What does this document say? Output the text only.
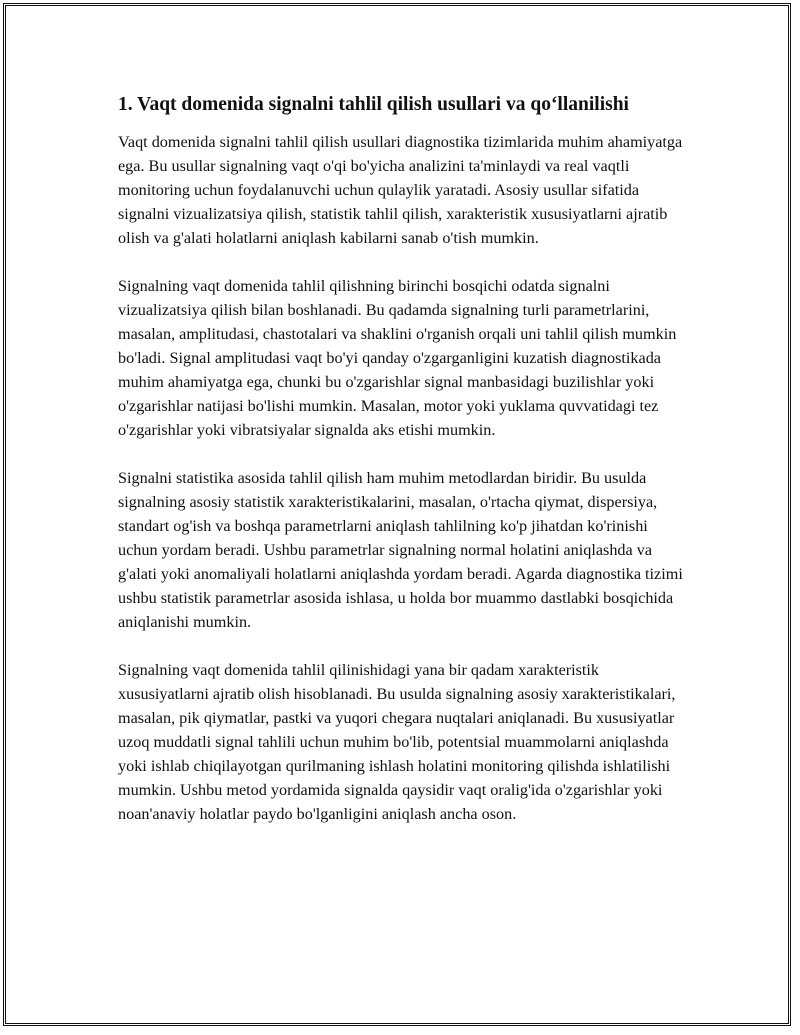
1. Vaqt domenida signalni tahlil qilish usullari va qo‘llanilishi

Vaqt domenida signalni tahlil qilish usullari diagnostika tizimlarida muhim ahamiyatga ega. Bu usullar signalning vaqt o'qi bo'yicha analizini ta'minlaydi va real vaqtli monitoring uchun foydalanuvchi uchun qulaylik yaratadi. Asosiy usullar sifatida signalni vizualizatsiya qilish, statistik tahlil qilish, xarakteristik xususiyatlarni ajratib olish va g'alati holatlarni aniqlash kabilarni sanab o'tish mumkin.

Signalning vaqt domenida tahlil qilishning birinchi bosqichi odatda signalni vizualizatsiya qilish bilan boshlanadi. Bu qadamda signalning turli parametrlarini, masalan, amplitudasi, chastotalari va shaklini o'rganish orqali uni tahlil qilish mumkin bo'ladi. Signal amplitudasi vaqt bo'yi qanday o'zgarganligini kuzatish diagnostikada muhim ahamiyatga ega, chunki bu o'zgarishlar signal manbasidagi buzilishlar yoki o'zgarishlar natijasi bo'lishi mumkin. Masalan, motor yoki yuklama quvvatidagi tez o'zgarishlar yoki vibratsiyalar signalda aks etishi mumkin.

Signalni statistika asosida tahlil qilish ham muhim metodlardan biridir. Bu usulda signalning asosiy statistik xarakteristikalarini, masalan, o'rtacha qiymat, dispersiya, standart og'ish va boshqa parametrlarni aniqlash tahlilning ko'p jihatdan ko'rinishi uchun yordam beradi. Ushbu parametrlar signalning normal holatini aniqlashda va g'alati yoki anomaliyali holatlarni aniqlashda yordam beradi. Agarda diagnostika tizimi ushbu statistik parametrlar asosida ishlasa, u holda bor muammo dastlabki bosqichida aniqlanishi mumkin.

Signalning vaqt domenida tahlil qilinishidagi yana bir qadam xarakteristik xususiyatlarni ajratib olish hisoblanadi. Bu usulda signalning asosiy xarakteristikalari, masalan, pik qiymatlar, pastki va yuqori chegara nuqtalari aniqlanadi. Bu xususiyatlar uzoq muddatli signal tahlili uchun muhim bo'lib, potentsial muammolarni aniqlashda yoki ishlab chiqilayotgan qurilmaning ishlash holatini monitoring qilishda ishlatilishi mumkin. Ushbu metod yordamida signalda qaysidir vaqt oralig'ida o'zgarishlar yoki noan'anaviy holatlar paydo bo'lganligini aniqlash ancha oson.
